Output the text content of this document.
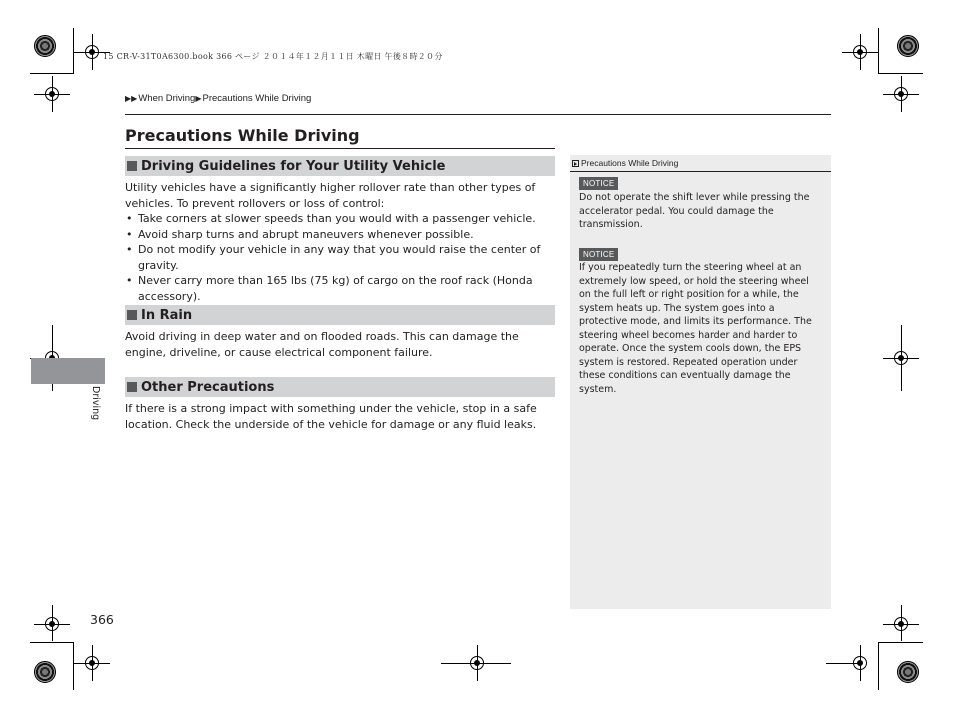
15 CR-V-31T0A6300.book 366 ページ ２０１４年１２月１１日 木曜日 午後８時２０分
▶▶ When Driving ▶ Precautions While Driving
Precautions While Driving
Driving Guidelines for Your Utility Vehicle
Utility vehicles have a significantly higher rollover rate than other types of vehicles. To prevent rollovers or loss of control:
• Take corners at slower speeds than you would with a passenger vehicle.
• Avoid sharp turns and abrupt maneuvers whenever possible.
• Do not modify your vehicle in any way that you would raise the center of gravity.
• Never carry more than 165 lbs (75 kg) of cargo on the roof rack (Honda accessory).
In Rain
Avoid driving in deep water and on flooded roads. This can damage the engine, driveline, or cause electrical component failure.
Other Precautions
If there is a strong impact with something under the vehicle, stop in a safe location. Check the underside of the vehicle for damage or any fluid leaks.
Driving
366
Precautions While Driving
NOTICE
Do not operate the shift lever while pressing the accelerator pedal. You could damage the transmission.
NOTICE
If you repeatedly turn the steering wheel at an extremely low speed, or hold the steering wheel on the full left or right position for a while, the system heats up. The system goes into a protective mode, and limits its performance. The steering wheel becomes harder and harder to operate. Once the system cools down, the EPS system is restored. Repeated operation under these conditions can eventually damage the system.
